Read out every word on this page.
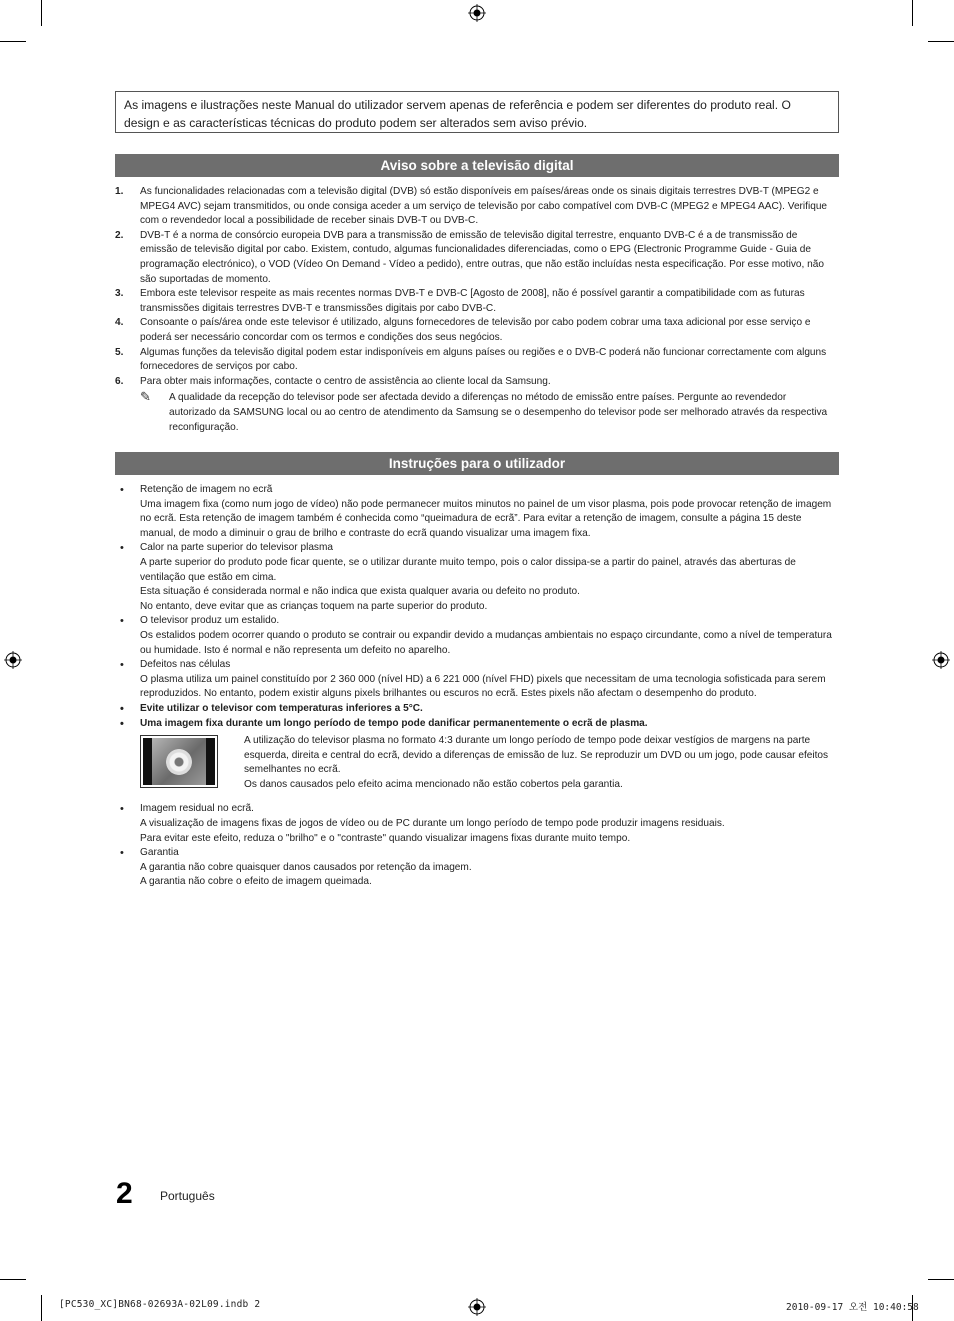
As imagens e ilustrações neste Manual do utilizador servem apenas de referência e podem ser diferentes do produto real. O design e as características técnicas do produto podem ser alterados sem aviso prévio.
Aviso sobre a televisão digital
1. As funcionalidades relacionadas com a televisão digital (DVB) só estão disponíveis em países/áreas onde os sinais digitais terrestres DVB-T (MPEG2 e MPEG4 AVC) sejam transmitidos, ou onde consiga aceder a um serviço de televisão por cabo compatível com DVB-C (MPEG2 e MPEG4 AAC). Verifique com o revendedor local a possibilidade de receber sinais DVB-T ou DVB-C.
2. DVB-T é a norma de consórcio europeia DVB para a transmissão de emissão de televisão digital terrestre, enquanto DVB-C é a de transmissão de emissão de televisão digital por cabo. Existem, contudo, algumas funcionalidades diferenciadas, como o EPG (Electronic Programme Guide - Guia de programação electrónico), o VOD (Vídeo On Demand - Vídeo a pedido), entre outras, que não estão incluídas nesta especificação. Por esse motivo, não são suportadas de momento.
3. Embora este televisor respeite as mais recentes normas DVB-T e DVB-C [Agosto de 2008], não é possível garantir a compatibilidade com as futuras transmissões digitais terrestres DVB-T e transmissões digitais por cabo DVB-C.
4. Consoante o país/área onde este televisor é utilizado, alguns fornecedores de televisão por cabo podem cobrar uma taxa adicional por esse serviço e poderá ser necessário concordar com os termos e condições dos seus negócios.
5. Algumas funções da televisão digital podem estar indisponíveis em alguns países ou regiões e o DVB-C poderá não funcionar correctamente com alguns fornecedores de serviços por cabo.
6. Para obter mais informações, contacte o centro de assistência ao cliente local da Samsung.
✎ A qualidade da recepção do televisor pode ser afectada devido a diferenças no método de emissão entre países. Pergunte ao revendedor autorizado da SAMSUNG local ou ao centro de atendimento da Samsung se o desempenho do televisor pode ser melhorado através da respectiva reconfiguração.
Instruções para o utilizador
• Retenção de imagem no ecrã
Uma imagem fixa (como num jogo de vídeo) não pode permanecer muitos minutos no painel de um visor plasma, pois pode provocar retenção de imagem no ecrã. Esta retenção de imagem também é conhecida como “queimadura de ecrã”. Para evitar a retenção de imagem, consulte a página 15 deste manual, de modo a diminuir o grau de brilho e contraste do ecrã quando visualizar uma imagem fixa.
• Calor na parte superior do televisor plasma
A parte superior do produto pode ficar quente, se o utilizar durante muito tempo, pois o calor dissipa-se a partir do painel, através das aberturas de ventilação que estão em cima.
Esta situação é considerada normal e não indica que exista qualquer avaria ou defeito no produto.
No entanto, deve evitar que as crianças toquem na parte superior do produto.
• O televisor produz um estalido.
Os estalidos podem ocorrer quando o produto se contrair ou expandir devido a mudanças ambientais no espaço circundante, como a nível de temperatura ou humidade. Isto é normal e não representa um defeito no aparelho.
• Defeitos nas células
O plasma utiliza um painel constituído por 2 360 000 (nível HD) a 6 221 000 (nível FHD) pixels que necessitam de uma tecnologia sofisticada para serem reproduzidos. No entanto, podem existir alguns pixels brilhantes ou escuros no ecrã. Estes pixels não afectam o desempenho do produto.
• Evite utilizar o televisor com temperaturas inferiores a 5°C.
• Uma imagem fixa durante um longo período de tempo pode danificar permanentemente o ecrã de plasma.
A utilização do televisor plasma no formato 4:3 durante um longo período de tempo pode deixar vestígios de margens na parte esquerda, direita e central do ecrã, devido a diferenças de emissão de luz. Se reproduzir um DVD ou um jogo, pode causar efeitos semelhantes no ecrã.
Os danos causados pelo efeito acima mencionado não estão cobertos pela garantia.
• Imagem residual no ecrã.
A visualização de imagens fixas de jogos de vídeo ou de PC durante um longo período de tempo pode produzir imagens residuais.
Para evitar este efeito, reduza o "brilho" e o "contraste" quando visualizar imagens fixas durante muito tempo.
• Garantia
A garantia não cobre quaisquer danos causados por retenção da imagem.
A garantia não cobre o efeito de imagem queimada.
2 Português
[PC530_XC]BN68-02693A-02L09.indb 2	2010-09-17 오전 10:40:58
